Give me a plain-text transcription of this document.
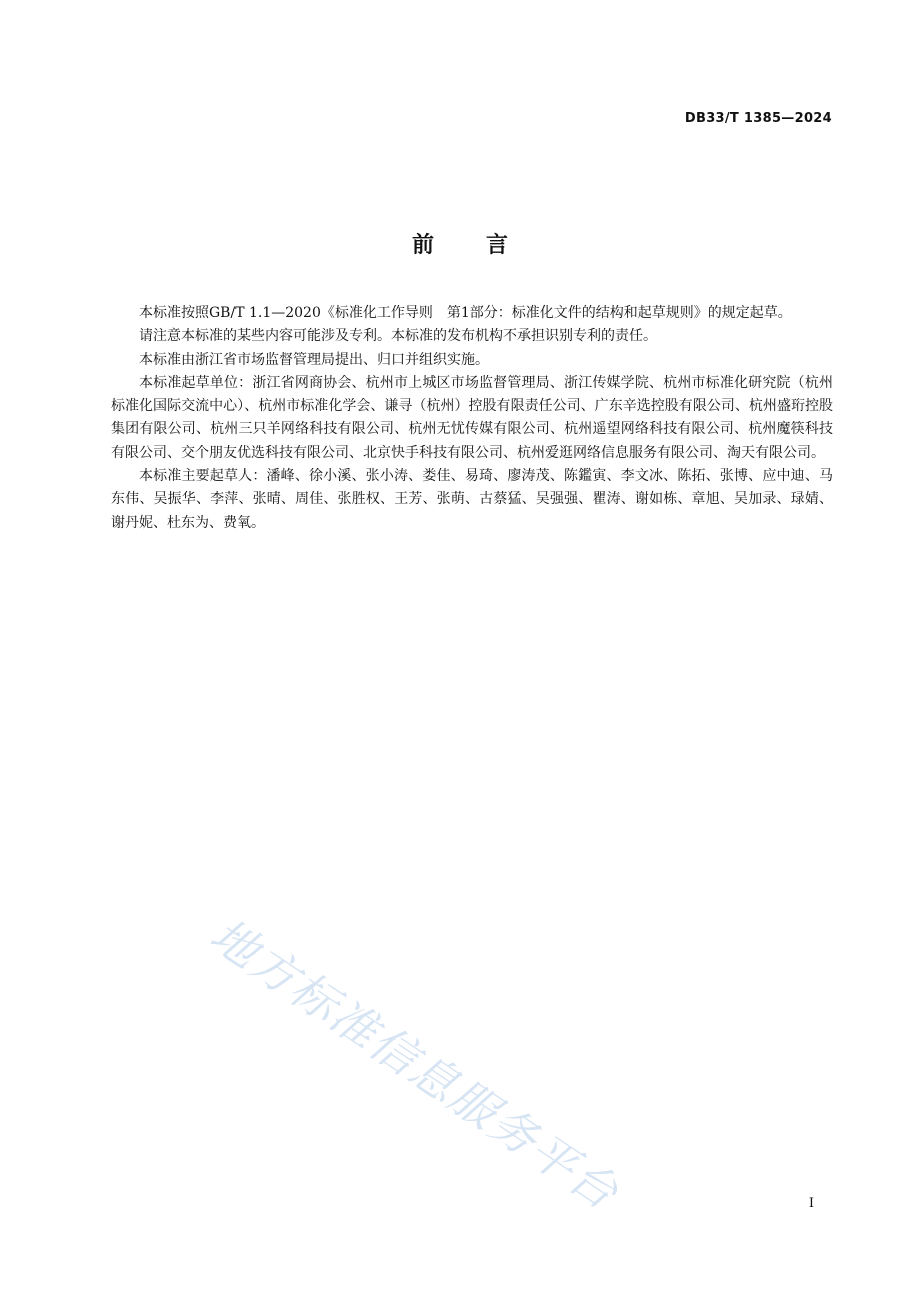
DB33/T 1385—2024
前言

本标准按照GB/T 1.1—2020《标准化工作导则　第1部分：标准化文件的结构和起草规则》的规定起草。

请注意本标准的某些内容可能涉及专利。本标准的发布机构不承担识别专利的责任。

本标准由浙江省市场监督管理局提出、归口并组织实施。

本标准起草单位：浙江省网商协会、杭州市上城区市场监督管理局、浙江传媒学院、杭州市标准化研究院（杭州标准化国际交流中心）、杭州市标准化学会、谦寻（杭州）控股有限责任公司、广东辛选控股有限公司、杭州盛珩控股集团有限公司、杭州三只羊网络科技有限公司、杭州无忧传媒有限公司、杭州遥望网络科技有限公司、杭州魔筷科技有限公司、交个朋友优选科技有限公司、北京快手科技有限公司、杭州爱逛网络信息服务有限公司、淘天有限公司。

本标准主要起草人：潘峰、徐小溪、张小涛、娄佳、易琦、廖涛茂、陈鑑寅、李文冰、陈拓、张博、应中迪、马东伟、吴振华、李萍、张晴、周佳、张胜权、王芳、张萌、古蔡猛、吴强强、瞿涛、谢如栋、章旭、吴加录、琭婧、谢丹妮、杜东为、费氧。

地方标准信息服务平台	I
